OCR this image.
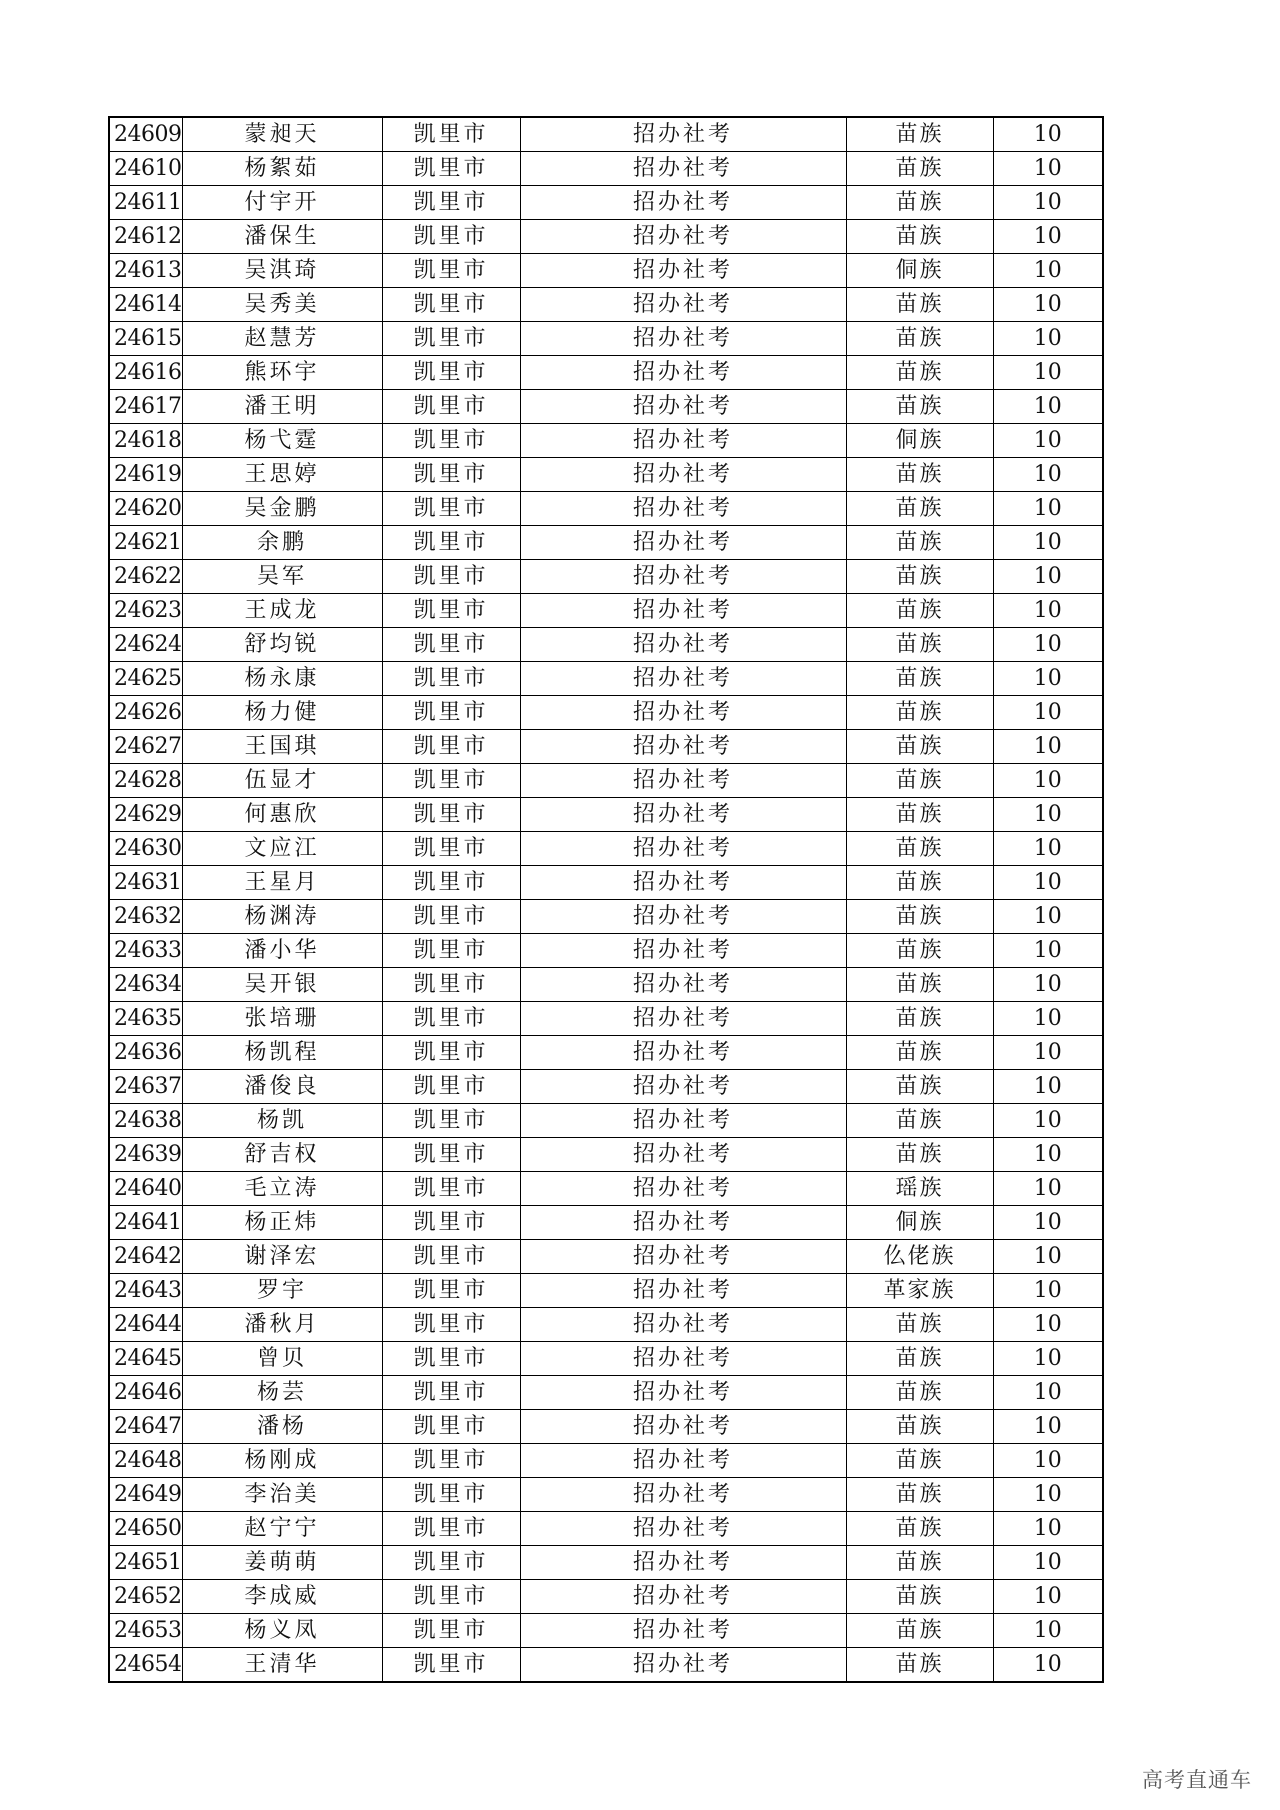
24609	蒙昶天	凯里市	招办社考	苗族	10
24610	杨絮茹	凯里市	招办社考	苗族	10
24611	付宇开	凯里市	招办社考	苗族	10
24612	潘保生	凯里市	招办社考	苗族	10
24613	吴淇琦	凯里市	招办社考	侗族	10
24614	吴秀美	凯里市	招办社考	苗族	10
24615	赵慧芳	凯里市	招办社考	苗族	10
24616	熊环宇	凯里市	招办社考	苗族	10
24617	潘王明	凯里市	招办社考	苗族	10
24618	杨弋霆	凯里市	招办社考	侗族	10
24619	王思婷	凯里市	招办社考	苗族	10
24620	吴金鹏	凯里市	招办社考	苗族	10
24621	余鹏	凯里市	招办社考	苗族	10
24622	吴军	凯里市	招办社考	苗族	10
24623	王成龙	凯里市	招办社考	苗族	10
24624	舒均锐	凯里市	招办社考	苗族	10
24625	杨永康	凯里市	招办社考	苗族	10
24626	杨力健	凯里市	招办社考	苗族	10
24627	王国琪	凯里市	招办社考	苗族	10
24628	伍显才	凯里市	招办社考	苗族	10
24629	何惠欣	凯里市	招办社考	苗族	10
24630	文应江	凯里市	招办社考	苗族	10
24631	王星月	凯里市	招办社考	苗族	10
24632	杨渊涛	凯里市	招办社考	苗族	10
24633	潘小华	凯里市	招办社考	苗族	10
24634	吴开银	凯里市	招办社考	苗族	10
24635	张培珊	凯里市	招办社考	苗族	10
24636	杨凯程	凯里市	招办社考	苗族	10
24637	潘俊良	凯里市	招办社考	苗族	10
24638	杨凯	凯里市	招办社考	苗族	10
24639	舒吉权	凯里市	招办社考	苗族	10
24640	毛立涛	凯里市	招办社考	瑶族	10
24641	杨正炜	凯里市	招办社考	侗族	10
24642	谢泽宏	凯里市	招办社考	仫佬族	10
24643	罗宇	凯里市	招办社考	革家族	10
24644	潘秋月	凯里市	招办社考	苗族	10
24645	曾贝	凯里市	招办社考	苗族	10
24646	杨芸	凯里市	招办社考	苗族	10
24647	潘杨	凯里市	招办社考	苗族	10
24648	杨刚成	凯里市	招办社考	苗族	10
24649	李治美	凯里市	招办社考	苗族	10
24650	赵宁宁	凯里市	招办社考	苗族	10
24651	姜萌萌	凯里市	招办社考	苗族	10
24652	李成威	凯里市	招办社考	苗族	10
24653	杨义凤	凯里市	招办社考	苗族	10
24654	王清华	凯里市	招办社考	苗族	10
高考直通车
